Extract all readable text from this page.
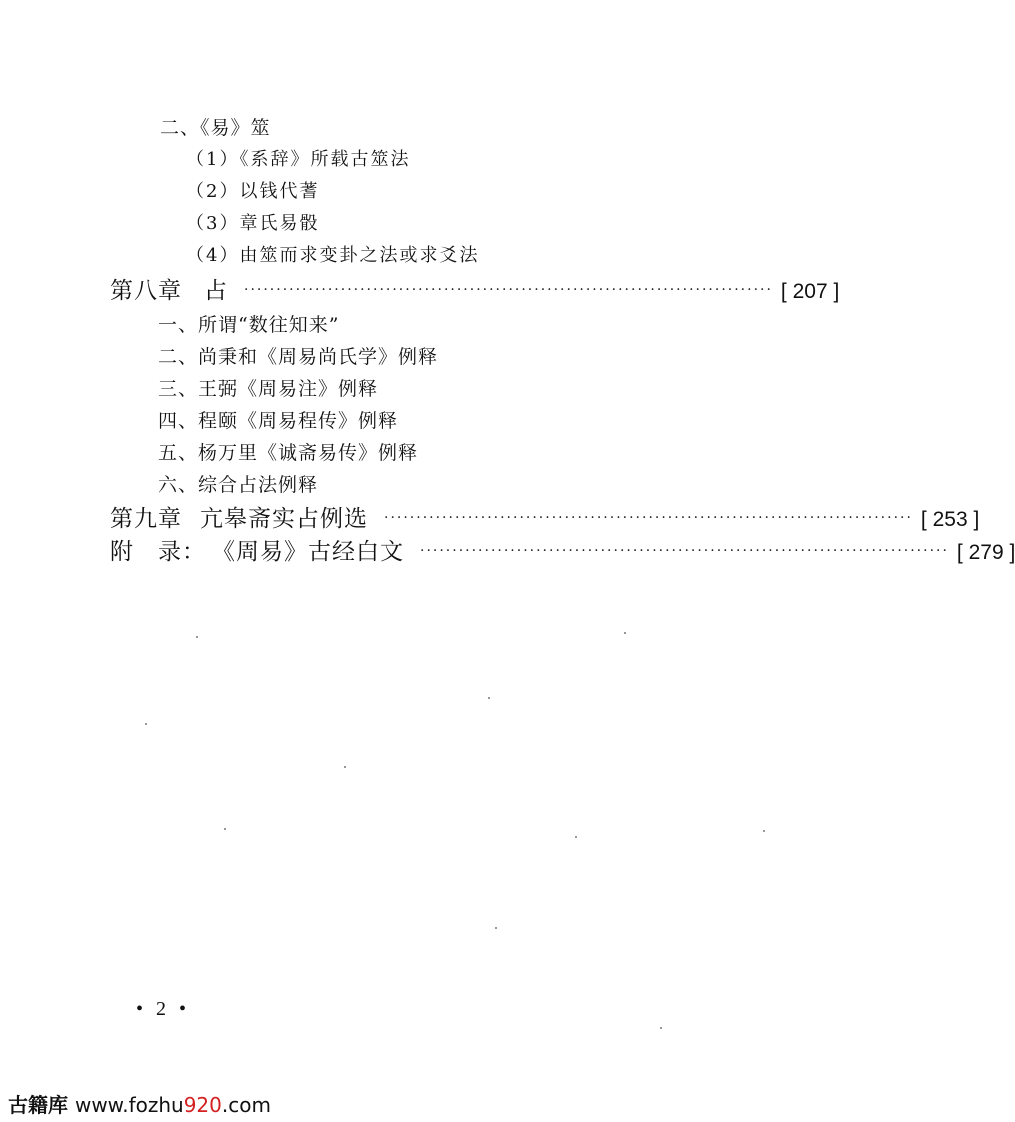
二、《易》筮
（1）《系辞》所载古筮法
（2）以钱代蓍
（3）章氏易骰
（4）由筮而求变卦之法或求爻法
第八章 占 ·················································································· [ 207 ]
一、所谓“数往知来”
二、尚秉和《周易尚氏学》例释
三、王弼《周易注》例释
四、程颐《周易程传》例释
五、杨万里《诚斋易传》例释
六、综合占法例释
第九章 亢皋斋实占例选 ·················································································· [ 253 ]
附　录： 《周易》古经白文 ·················································································· [ 279 ]
• 2 •
古籍库 www.fozhu920.com
